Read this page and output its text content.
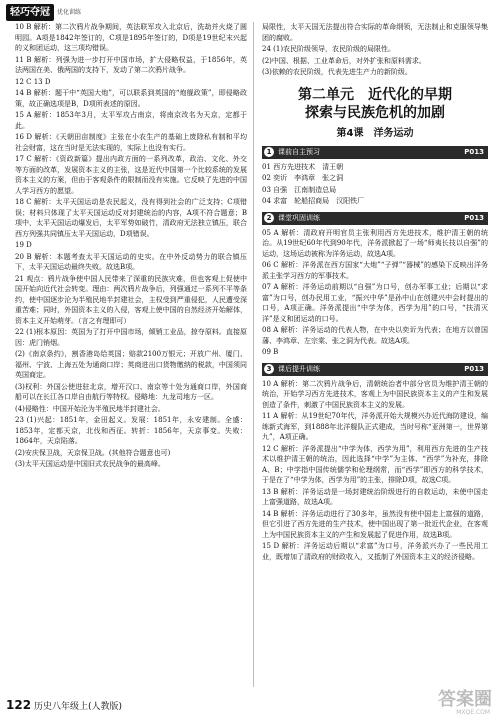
轻巧夺冠	优化训练
10 B 解析：第二次鸦片战争期间，英法联军攻入北京后，洗劫并火烧了圆明园。A项是1842年签订的，C项是1895年签订的，D项是19世纪末兴起的义和团运动，这三项均错误。
11 B 解析：列强为进一步打开中国市场，扩大侵略权益，于1856年，英法两国在美、俄两国的支持下，发动了第二次鸦片战争。
12 C 13 D
14 B 解析：题干中“英国大炮”，可以联系到英国的“炮舰政策”，即侵略政策，故正确选项是B，D项所表述的原因。
15 A 解析：1853年3月，太平军攻占南京，将南京改名为天京，定都于此。
16 D 解析：《天朝田亩制度》主张在小农生产的基础上废除私有制和平均社会财富，这在当时是无法实现的，实际上也没有实行。
17 C 解析：《资政新篇》提出内政方面的一系列改革，政治、文化、外交等方面的改革，发展资本主义的主张，这是近代中国第一个比较系统的发展资本主义的方案，但由于客观条件的限制而没有实施。它反映了先进的中国人学习西方的愿望。
18 C 解析：太平天国运动是农民起义，没有得到社会的广泛支持；C项错误；材料只体现了太平天国运动反对封建统治的内容，A项不符合题意；B项中，太平天国运动爆发后，太平军势如破竹，清政府无法独立镇压，联合西方列强共同镇压太平天国运动，D项错误。
19 D
20 B 解析：本题考查太平天国运动的史实。在中外反动势力的联合镇压下，太平天国运动最终失败。故选B项。
21 观点：鸦片战争使中国人民带来了深重的民族灾难，但也客观上促使中国开始向近代社会转变。理由：两次鸦片战争后，列强通过一系列不平等条约，使中国逐步沦为半殖民地半封建社会，主权受到严重侵犯，人民遭受深重苦难；同时，外国资本主义的入侵，客观上使中国的自然经济开始解体，资本主义开始萌芽。（言之有理即可）
22 (1)根本原因：英国为了打开中国市场，倾销工业品，掠夺原料。直接原因：虎门销烟。
(2)《南京条约》，割香港岛给英国；赔款2100万银元；开放广州、厦门、福州、宁波、上海五处为通商口岸；英商进出口货物缴纳的税款，中国须同英国商定。
(3)权利：外国公使进驻北京，增开汉口、南京等十处为通商口岸，外国商船可以在长江各口岸自由航行等特权。侵略地：九龙司地方一区。
(4)侵略性：中国开始沦为半殖民地半封建社会。
23 (1)兴起：1851年，金田起义。发展：1851年，永安建制。全盛：1853年，定都天京，北伐和西征。转折：1856年，天京事变。失败：1864年，天京陷落。
(2)安庆保卫战，天京保卫战。(其他符合题意也可)
(3)太平天国运动是中国旧式农民战争的最高峰。
局限性，太平天国无法提出符合实际的革命纲领，无法制止和克服领导集团的腐败。
24 (1)农民阶级领导，农民阶级的局限性。
(2)中国、根据、工业革命后，对外扩张和原料需求。
(3)依赖的农民阶级，代表先进生产力的新阶级。
第二单元　近代化的早期
探索与民族危机的加剧
第4课　洋务运动
1 课前自主预习	P013
01 西方先进技术　清王朝
02 奕䜣　李鸿章　张之洞
03 自强　江南制造总局
04 求富　轮船招商局　汉阳铁厂
2 课堂巩固训练	P013
05 A 解析：清政府开明官员主张利用西方先进技术，维护清王朝的统治。从19世纪60年代到90年代，洋务派掀起了一场“师夷长技以自强”的运动，这场运动被称为洋务运动，故选A项。
06 C 解析：洋务派在西方国家“大炮”“子弹”“器械”的感染下反映出洋务派主张学习西方的军事技术。
07 A 解析：洋务运动前期以“自强”为口号，创办军事工业；后期以“求富”为口号，创办民用工业，“振兴中华”是孙中山在创建兴中会时提出的口号，A项正确。洋务派提出“中学为体，西学为用”的口号，“扶清灭洋”是义和团运动的口号。
08 A 解析：洋务运动的代表人物，在中央以奕䜣为代表；在地方以曾国藩、李鸿章、左宗棠、张之洞为代表。故选A项。
09 B
3 课后提升训练	P013
10 A 解析：第二次鸦片战争后，清朝统治者中部分官员为维护清王朝的统治，开始学习西方先进技术，客观上为中国民族资本主义的产生和发展创造了条件，刺激了中国民族资本主义的发展。
11 A 解析：从19世纪70年代，洋务派开始大规模兴办近代海防建设，编练新式海军，到1888年北洋舰队正式建成，当时号称“亚洲第一，世界第九”，A项正确。
12 C 解析：洋务派提出“中学为体，西学为用”，利用西方先进的生产技术以维护清王朝的统治，因此选择“中学”为主体、“西学”为补充，排除A、B；中学指中国传统儒学和伦理纲常，而“西学”即西方的科学技术，于是在了“中学为体，西学为用”的主张，排除D项，故选C项。
13 B 解析：洋务运动是一场封建统治阶级进行的自救运动，未使中国走上富强道路，故选A项。
14 B 解析：洋务运动进行了30多年，虽然没有使中国走上富强的道路，但它引进了西方先进的生产技术，使中国出现了第一批近代企业，在客观上为中国民族资本主义的产生和发展起了促进作用，故选B项。
15 D 解析：洋务运动后期以“求富”为口号，洋务派兴办了一些民用工业，既增加了清政府的财政收入，又抵制了外国资本主义的经济侵略。
122 历史八年级上(人教版)	答案圈
MXQE.COM
